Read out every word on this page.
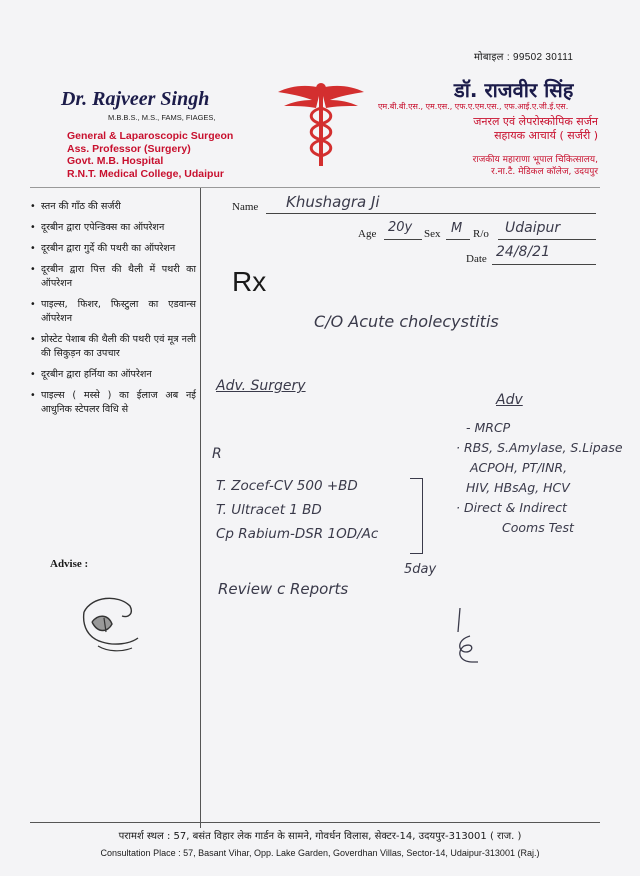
मोबाइल : 99502 30111
Dr. Rajveer Singh
M.B.B.S., M.S., FAMS, FIAGES,
General & Laparoscopic Surgeon
Ass. Professor (Surgery)
Govt. M.B. Hospital
R.N.T. Medical College, Udaipur
डॉ. राजवीर सिंह
एम.बी.बी.एस., एम.एस., एफ.ए.एम.एस., एफ.आई.ए.जी.ई.एस.
जनरल एवं लेपरोस्कोपिक सर्जन
सहायक आचार्य ( सर्जरी )
राजकीय महाराणा भूपाल चिकित्सालय,
र.ना.टै. मेडिकल कॉलेज, उदयपुर
• स्तन की गाँठ की सर्जरी
• दूरबीन द्वारा एपेन्डिक्स का ऑपरेशन
• दूरबीन द्वारा गुर्दे की पथरी का ऑपरेशन
• दूरबीन द्वारा पित्त की थैली में पथरी का ऑपरेशन
• पाइल्स, फिशर, फिस्टुला का एडवान्स ऑपरेशन
• प्रोस्टेट पेशाब की थैली की पथरी एवं मूत्र नली की सिकुड़न का उपचार
• दूरबीन द्वारा हर्निया का ऑपरेशन
• पाइल्स ( मस्से ) का ईलाज अब नई आधुनिक स्टेपलर विधि से
Advise :
Name Khushagra Ji
Age 20y Sex M R/o Udaipur
Date 24/8/21
Rx
C/O Acute cholecystitis
Adv. Surgery
Adv
- MRCP
· RBS, S.Amylase, S.Lipase
ACPOH, PT/INR,
HIV, HBsAg, HCV
· Direct & Indirect
Cooms Test
R
T. Zocef-CV 500 +BD
T. Ultracet 1 BD
Cp Rabium-DSR 1OD/Ac
5day
Review c Reports
परामर्श स्थल : 57, बसंत विहार लेक गार्डन के सामने, गोवर्धन विलास, सेक्टर-14, उदयपुर-313001 ( राज. )
Consultation Place : 57, Basant Vihar, Opp. Lake Garden, Goverdhan Villas, Sector-14, Udaipur-313001 (Raj.)
